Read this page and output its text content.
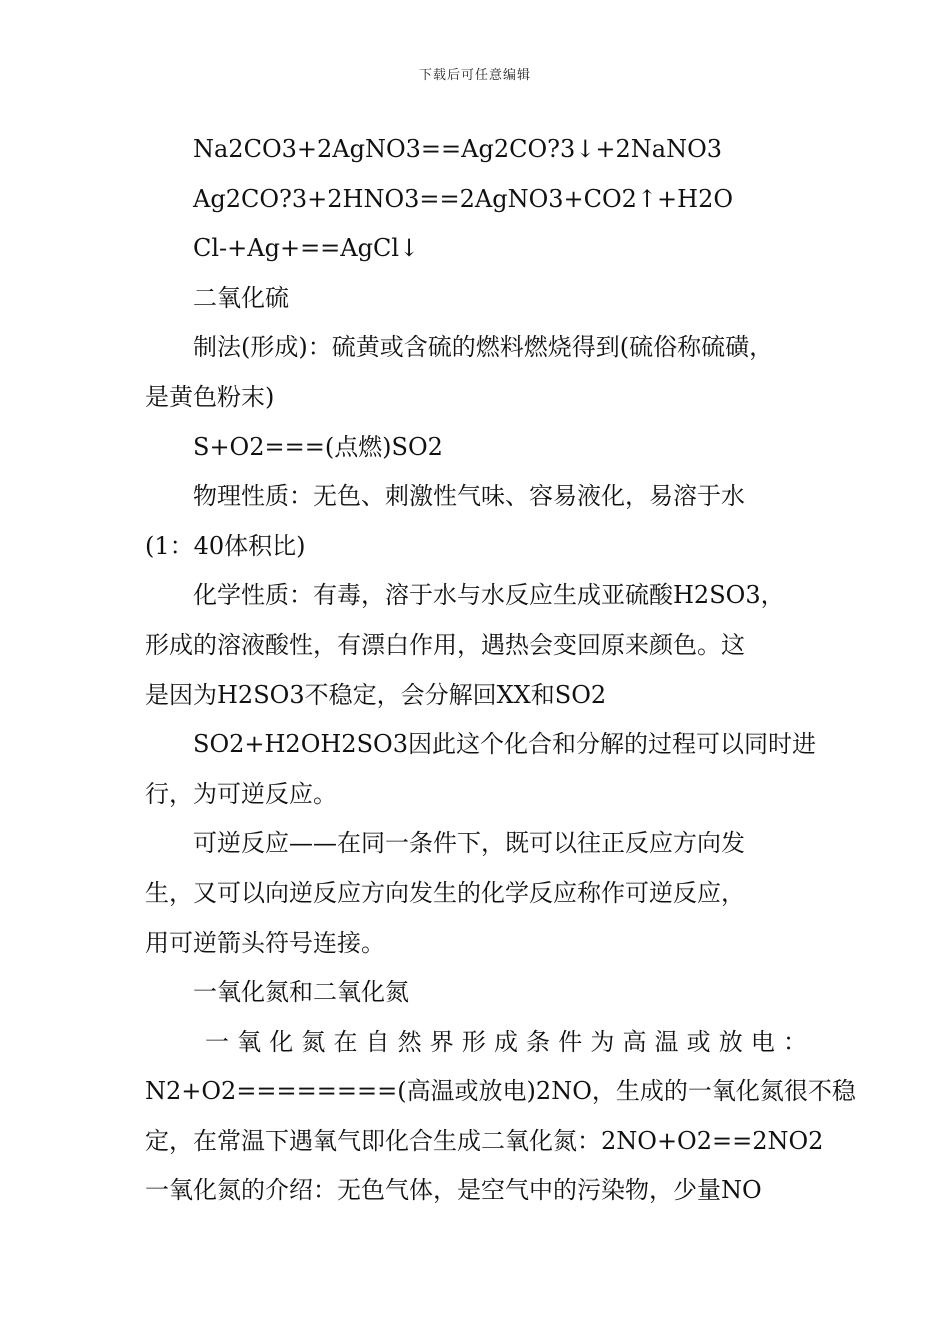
下载后可任意编辑
Na2CO3+2AgNO3==Ag2CO?3↓+2NaNO3
Ag2CO?3+2HNO3==2AgNO3+CO2↑+H2O
Cl-+Ag+==AgCl↓
二氧化硫
制法(形成)：硫黄或含硫的燃料燃烧得到(硫俗称硫磺，
是黄色粉末)
S+O2===(点燃)SO2
物理性质：无色、刺激性气味、容易液化，易溶于水
(1：40体积比)
化学性质：有毒，溶于水与水反应生成亚硫酸H2SO3，
形成的溶液酸性，有漂白作用，遇热会变回原来颜色。这
是因为H2SO3不稳定，会分解回XX和SO2
SO2+H2OH2SO3因此这个化合和分解的过程可以同时进
行，为可逆反应。
可逆反应——在同一条件下，既可以往正反应方向发
生，又可以向逆反应方向发生的化学反应称作可逆反应，
用可逆箭头符号连接。
一氧化氮和二氧化氮
一氧化氮在自然界形成条件为高温或放电：
N2+O2========(高温或放电)2NO，生成的一氧化氮很不稳
定，在常温下遇氧气即化合生成二氧化氮：2NO+O2==2NO2
一氧化氮的介绍：无色气体，是空气中的污染物，少量NO
